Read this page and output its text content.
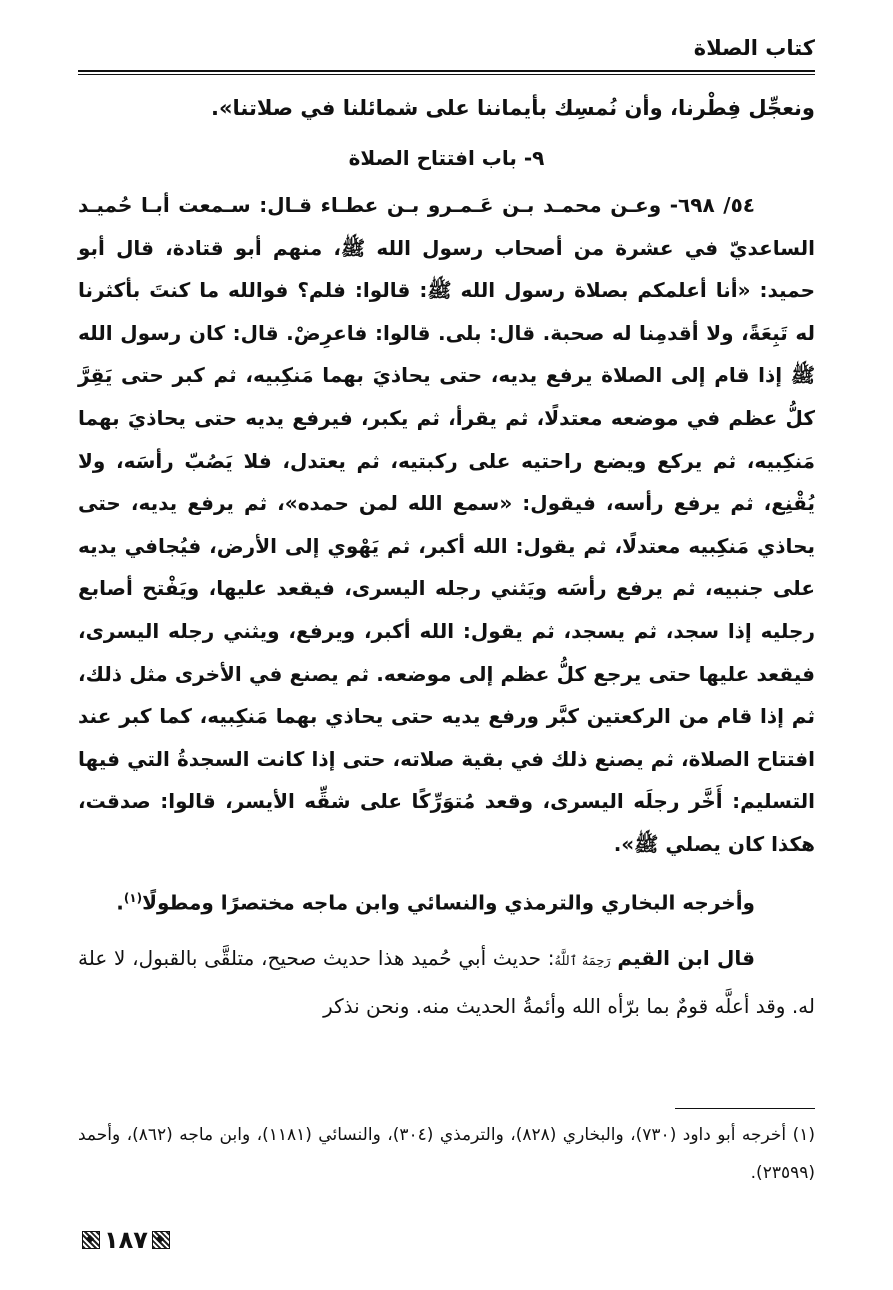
كتاب الصلاة

ونعجِّل فِطْرنا، وأن نُمسِك بأيماننا على شمائلنا في صلاتنا».

٩- باب افتتاح الصلاة

٥٤/ ٦٩٨- وعـن محمـد بـن عَـمـرو بـن عطـاء قـال: سـمعت أبـا حُميـد الساعديّ في عشرة من أصحاب رسول الله ﷺ، منهم أبو قتادة، قال أبو حميد: «أنا أعلمكم بصلاة رسول الله ﷺ: قالوا: فلم؟ فوالله ما كنتَ بأكثرنا له تَبِعَةً، ولا أقدمِنا له صحبة. قال: بلى. قالوا: فاعرِضْ. قال: كان رسول الله ﷺ إذا قام إلى الصلاة يرفع يديه، حتى يحاذيَ بهما مَنكِبيه، ثم كبر حتى يَقِرَّ كلُّ عظم في موضعه معتدلًا، ثم يقرأ، ثم يكبر، فيرفع يديه حتى يحاذيَ بهما مَنكِبيه، ثم يركع ويضع راحتيه على ركبتيه، ثم يعتدل، فلا يَصُبّ رأسَه، ولا يُقْنِع، ثم يرفع رأسه، فيقول: «سمع الله لمن حمده»، ثم يرفع يديه، حتى يحاذي مَنكِبيه معتدلًا، ثم يقول: الله أكبر، ثم يَهْوي إلى الأرض، فيُجافي يديه على جنبيه، ثم يرفع رأسَه ويَثني رجله اليسرى، فيقعد عليها، ويَفْتح أصابع رجليه إذا سجد، ثم يسجد، ثم يقول: الله أكبر، ويرفع، ويثني رجله اليسرى، فيقعد عليها حتى يرجع كلُّ عظم إلى موضعه. ثم يصنع في الأخرى مثل ذلك، ثم إذا قام من الركعتين كبَّر ورفع يديه حتى يحاذي بهما مَنكِبيه، كما كبر عند افتتاح الصلاة، ثم يصنع ذلك في بقية صلاته، حتى إذا كانت السجدةُ التي فيها التسليم: أَخَّر رجلَه اليسرى، وقعد مُتوَرِّكًا على شقِّه الأيسر، قالوا: صدقت، هكذا كان يصلي ﷺ».

وأخرجه البخاري والترمذي والنسائي وابن ماجه مختصرًا ومطولًا$^{(١)}$.

قال ابن القيم رَحِمَهُ ٱللَّهُ: حديث أبي حُميد هذا حديث صحيح، متلقَّى بالقبول، لا علة له. وقد أعلَّه قومٌ بما برّأه الله وأئمةُ الحديث منه. ونحن نذكر

(١) أخرجه أبو داود (٧٣٠)، والبخاري (٨٢٨)، والترمذي (٣٠٤)، والنسائي (١١٨١)، وابن ماجه (٨٦٢)، وأحمد (٢٣٥٩٩).
١٨٧
